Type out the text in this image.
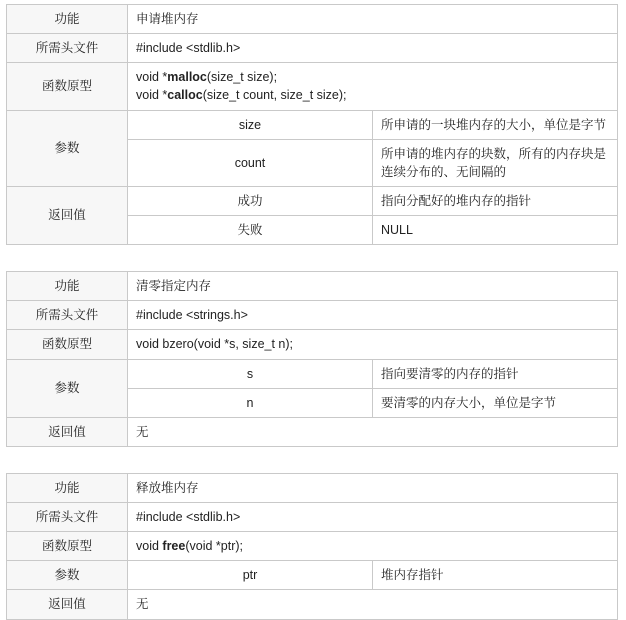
功能	申请堆内存	
所需头文件	#include <stdlib.h>	
函数原型	void *malloc(size_t size);
void *calloc(size_t count, size_t size);	

参数	size	所申请的一块堆内存的大小，单位是字节
	count	所申请的堆内存的块数，所有的内存块是连续分布的、无间隔的
返回值	成功	指向分配好的堆内存的指针
	失败	NULL
功能	清零指定内存	
所需头文件	#include <strings.h>	
函数原型	void bzero(void *s, size_t n);	

参数	s	指向要清零的内存的指针
	n	要清零的内存大小，单位是字节
返回值	无	
功能	释放堆内存	
所需头文件	#include <stdlib.h>	
函数原型	void free(void *ptr);	

参数	ptr	堆内存指针
返回值	无	
